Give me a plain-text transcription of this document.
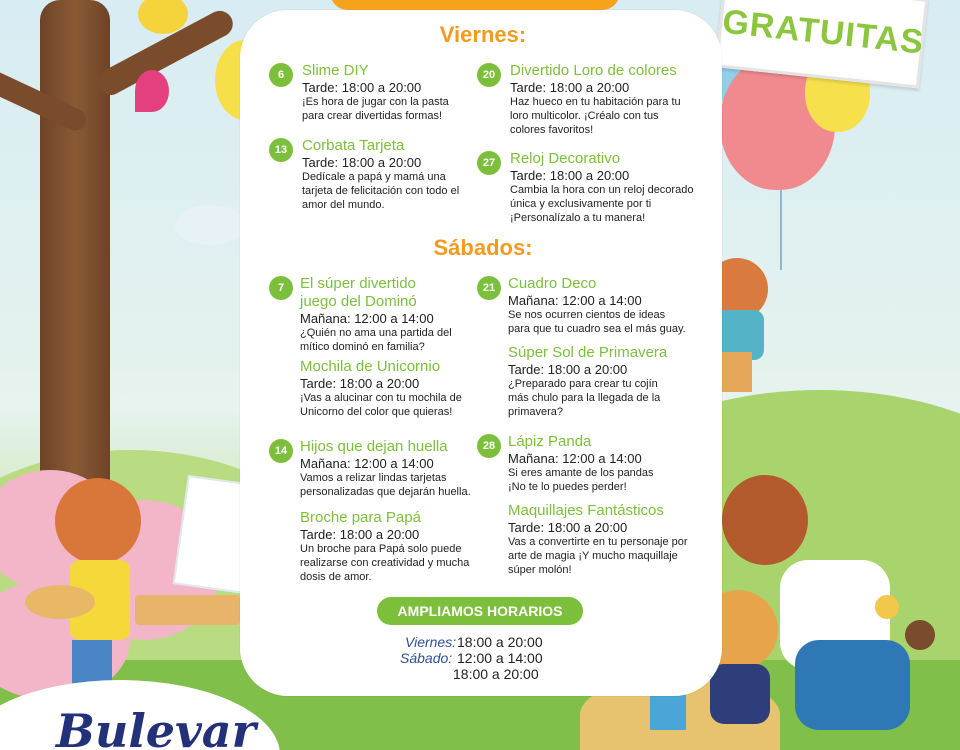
GRATUITAS
Bulevar
Viernes:
6	Slime DIY
Tarde: 18:00 a 20:00
¡Es hora de jugar con la pasta para crear divertidas formas!
13 Corbata Tarjeta
Tarde: 18:00 a 20:00
Dedícale a papá y mamá una tarjeta de felicitación con todo el amor del mundo.
20 Divertido Loro de colores
Tarde: 18:00 a 20:00
Haz hueco en tu habitación para tu loro multicolor. ¡Créalo con tus colores favoritos!
27 Reloj Decorativo
Tarde: 18:00 a 20:00
Cambia la hora con un reloj decorado única y exclusivamente por ti ¡Personalízalo a tu manera!
Sábados:
7	El súper divertido juego del Dominó
Mañana: 12:00 a 14:00
¿Quién no ama una partida del mítico dominó en familia?
Mochila de Unicornio
Tarde: 18:00 a 20:00
¡Vas a alucinar con tu mochila de Unicorno del color que quieras!
14 Hijos que dejan huella
Mañana: 12:00 a 14:00
Vamos a relizar lindas tarjetas personalizadas que dejarán huella.
Broche para Papá
Tarde: 18:00 a 20:00
Un broche para Papá solo puede realizarse con creatividad y mucha dosis de amor.
21 Cuadro Deco
Mañana: 12:00 a 14:00
Se nos ocurren cientos de ideas para que tu cuadro sea el más guay.
Súper Sol de Primavera
Tarde: 18:00 a 20:00
¿Preparado para crear tu cojín más chulo para la llegada de la primavera?
28 Lápiz Panda
Mañana: 12:00 a 14:00
Si eres amante de los pandas ¡No te lo puedes perder!
Maquillajes Fantásticos
Tarde: 18:00 a 20:00
Vas a convertirte en tu personaje por arte de magia ¡Y mucho maquillaje súper molón!
AMPLIAMOS HORARIOS
Viernes:18:00 a 20:00
Sábado: 12:00 a 14:00
18:00 a 20:00
